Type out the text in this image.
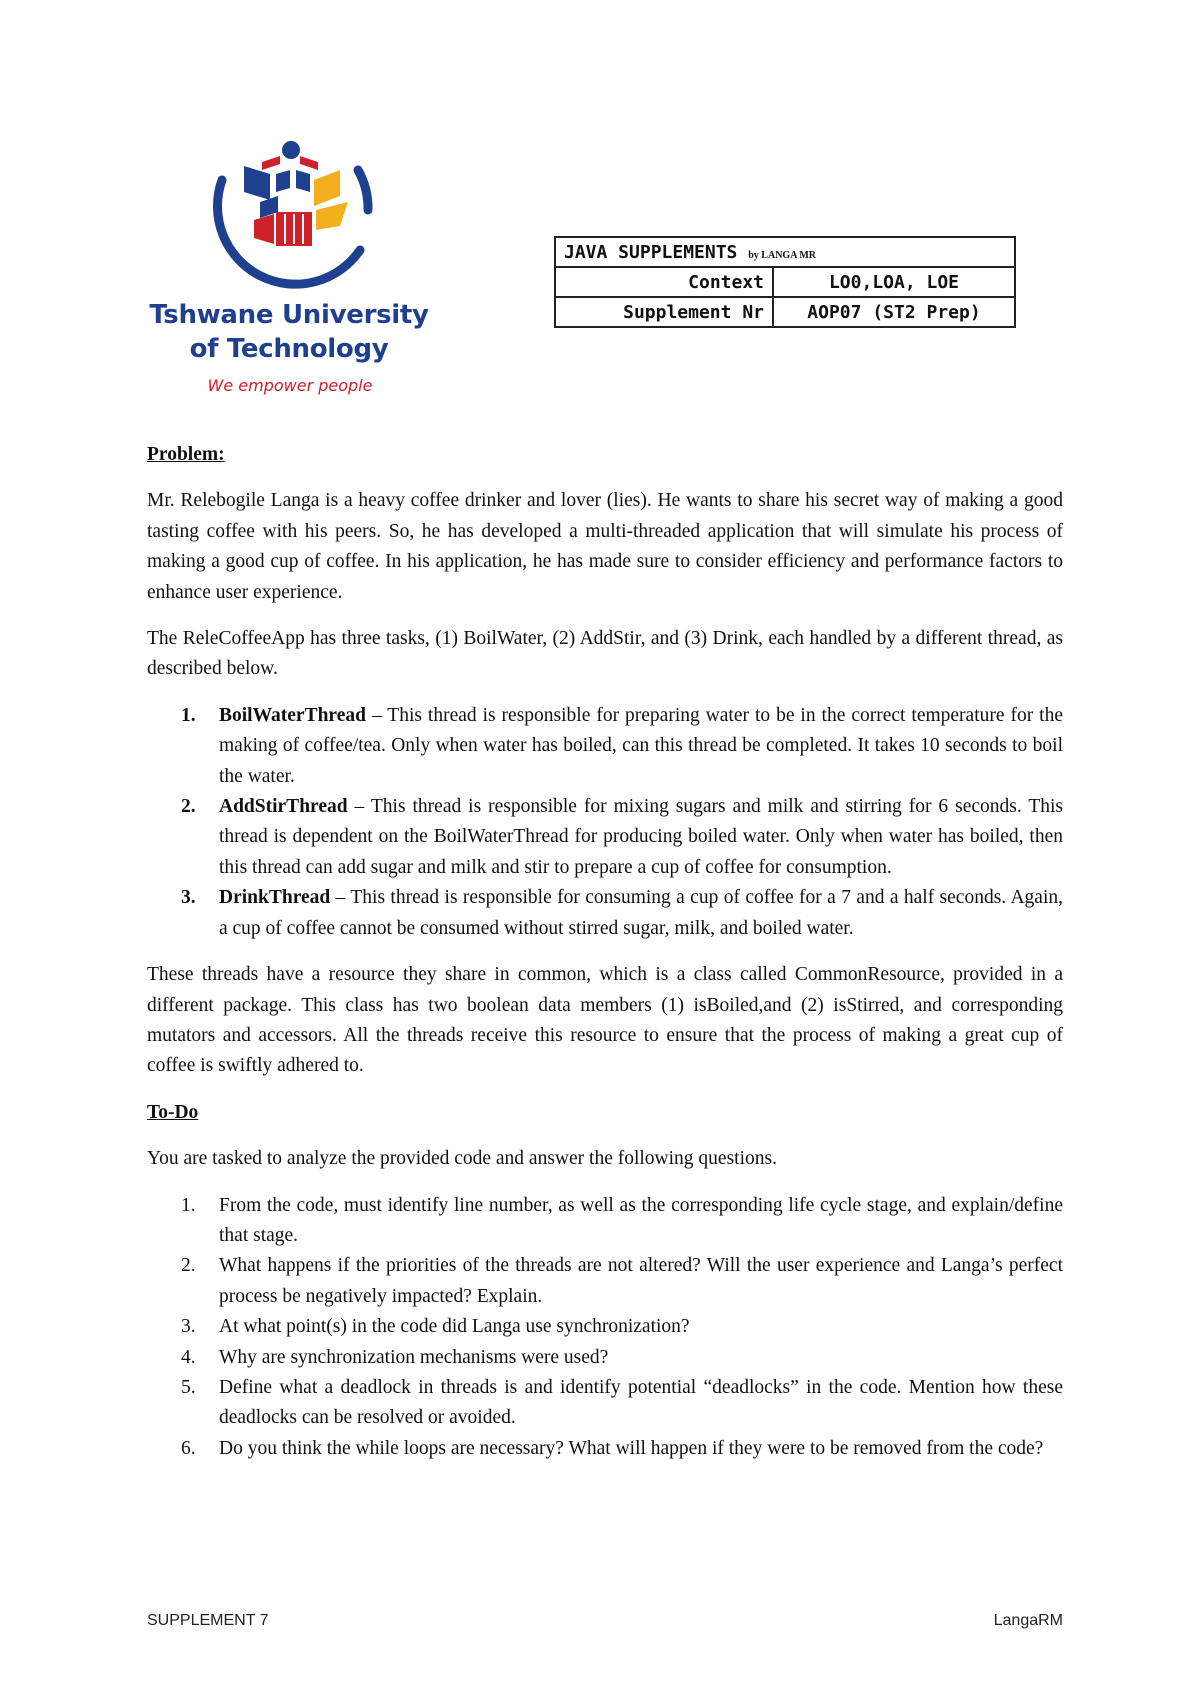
Tshwane University
of Technology
We empower people
JAVA SUPPLEMENTS by LANGA MR	
Context	LO0,LOA, LOE
Supplement Nr	AOP07 (ST2 Prep)

Problem:

Mr. Relebogile Langa is a heavy coffee drinker and lover (lies). He wants to share his secret way of making a good tasting coffee with his peers. So, he has developed a multi-threaded application that will simulate his process of making a good cup of coffee. In his application, he has made sure to consider efficiency and performance factors to enhance user experience.

The ReleCoffeeApp has three tasks, (1) BoilWater, (2) AddStir, and (3) Drink, each handled by a different thread, as described below.

1. BoilWaterThread – This thread is responsible for preparing water to be in the correct temperature for the making of coffee/tea. Only when water has boiled, can this thread be completed. It takes 10 seconds to boil the water.
2. AddStirThread – This thread is responsible for mixing sugars and milk and stirring for 6 seconds. This thread is dependent on the BoilWaterThread for producing boiled water. Only when water has boiled, then this thread can add sugar and milk and stir to prepare a cup of coffee for consumption.
3. DrinkThread – This thread is responsible for consuming a cup of coffee for a 7 and a half seconds. Again, a cup of coffee cannot be consumed without stirred sugar, milk, and boiled water.

These threads have a resource they share in common, which is a class called CommonResource, provided in a different package. This class has two boolean data members (1) isBoiled,and (2) isStirred, and corresponding mutators and accessors. All the threads receive this resource to ensure that the process of making a great cup of coffee is swiftly adhered to.

To-Do

You are tasked to analyze the provided code and answer the following questions.

1. From the code, must identify line number, as well as the corresponding life cycle stage, and explain/define that stage.
2. What happens if the priorities of the threads are not altered? Will the user experience and Langa’s perfect process be negatively impacted? Explain.
3. At what point(s) in the code did Langa use synchronization?
4. Why are synchronization mechanisms were used?
5. Define what a deadlock in threads is and identify potential “deadlocks” in the code. Mention how these deadlocks can be resolved or avoided.
6. Do you think the while loops are necessary? What will happen if they were to be removed from the code?
SUPPLEMENT 7	LangaRM
